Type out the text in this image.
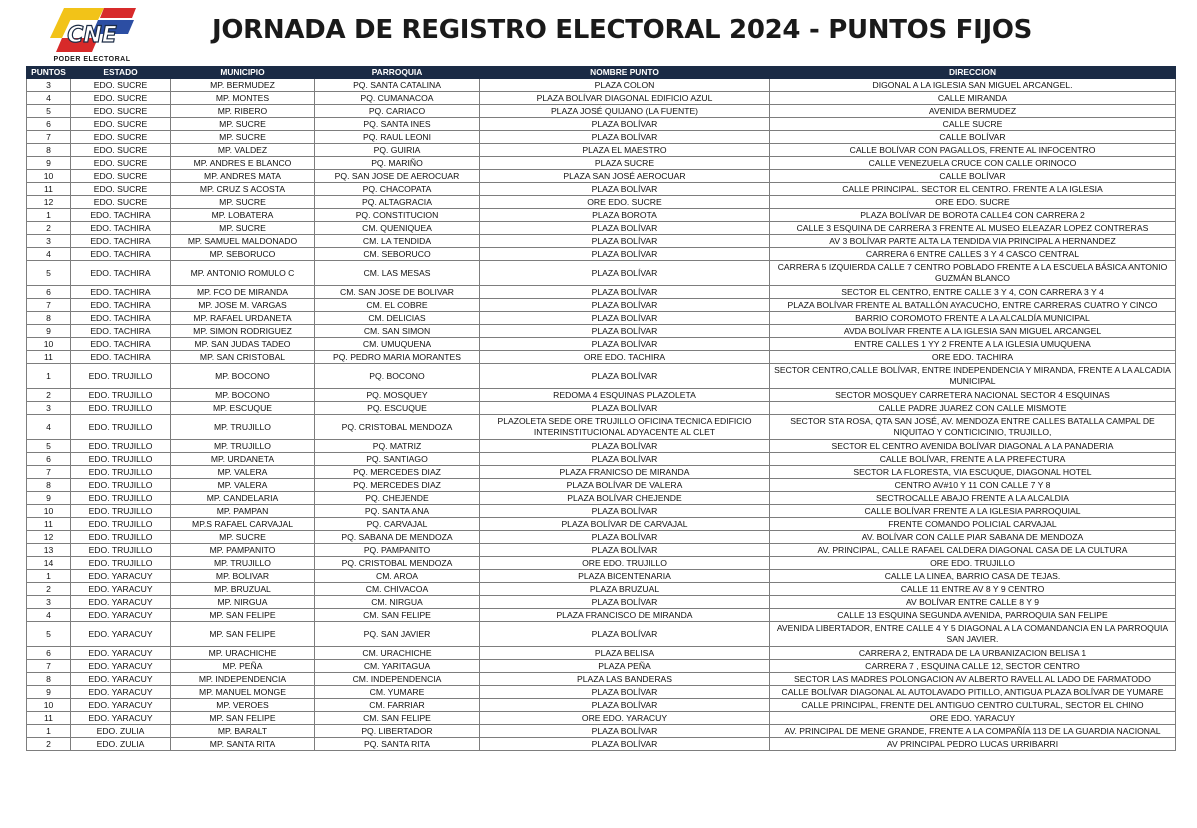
CNE
PODER ELECTORAL
JORNADA DE REGISTRO ELECTORAL 2024 - PUNTOS FIJOS
PUNTOS	ESTADO	MUNICIPIO	PARROQUIA	NOMBRE PUNTO	DIRECCION
3	EDO. SUCRE	MP. BERMUDEZ	PQ. SANTA CATALINA	PLAZA COLON	DIGONAL A LA IGLESIA SAN MIGUEL ARCANGEL.
4	EDO. SUCRE	MP. MONTES	PQ. CUMANACOA	PLAZA BOLÍVAR DIAGONAL EDIFICIO AZUL	CALLE MIRANDA
5	EDO. SUCRE	MP. RIBERO	PQ. CARIACO	PLAZA JOSÉ QUIJANO (LA FUENTE)	AVENIDA BERMUDEZ
6	EDO. SUCRE	MP. SUCRE	PQ. SANTA INES	PLAZA BOLÍVAR	CALLE SUCRE
7	EDO. SUCRE	MP. SUCRE	PQ. RAUL LEONI	PLAZA BOLÍVAR	CALLE BOLÍVAR
8	EDO. SUCRE	MP. VALDEZ	PQ. GUIRIA	PLAZA EL MAESTRO	CALLE BOLÍVAR CON PAGALLOS, FRENTE AL INFOCENTRO
9	EDO. SUCRE	MP. ANDRES E BLANCO	PQ. MARIÑO	PLAZA SUCRE	CALLE VENEZUELA CRUCE CON CALLE ORINOCO
10	EDO. SUCRE	MP. ANDRES MATA	PQ. SAN JOSE DE AEROCUAR	PLAZA SAN JOSÉ AEROCUAR	CALLE BOLÍVAR
11	EDO. SUCRE	MP. CRUZ S ACOSTA	PQ. CHACOPATA	PLAZA BOLÍVAR	CALLE PRINCIPAL. SECTOR EL CENTRO. FRENTE A LA IGLESIA
12	EDO. SUCRE	MP. SUCRE	PQ. ALTAGRACIA	ORE EDO. SUCRE	ORE EDO. SUCRE
1	EDO. TACHIRA	MP. LOBATERA	PQ. CONSTITUCION	PLAZA BOROTA	PLAZA BOLÍVAR DE BOROTA CALLE4 CON CARRERA 2
2	EDO. TACHIRA	MP. SUCRE	CM. QUENIQUEA	PLAZA BOLÍVAR	CALLE 3 ESQUINA DE CARRERA 3 FRENTE AL MUSEO ELEAZAR LOPEZ CONTRERAS
3	EDO. TACHIRA	MP. SAMUEL MALDONADO	CM. LA TENDIDA	PLAZA BOLÍVAR	AV 3 BOLÍVAR PARTE ALTA LA TENDIDA VIA PRINCIPAL A HERNANDEZ
4	EDO. TACHIRA	MP. SEBORUCO	CM. SEBORUCO	PLAZA BOLÍVAR	CARRERA 6 ENTRE CALLES 3 Y 4 CASCO CENTRAL
5	EDO. TACHIRA	MP. ANTONIO ROMULO C	CM. LAS MESAS	PLAZA BOLÍVAR	CARRERA 5 IZQUIERDA CALLE 7 CENTRO POBLADO FRENTE A LA ESCUELA BÁSICA ANTONIO GUZMÁN BLANCO
6	EDO. TACHIRA	MP. FCO DE MIRANDA	CM. SAN JOSE DE BOLIVAR	PLAZA BOLÍVAR	SECTOR EL CENTRO, ENTRE CALLE 3 Y 4, CON CARRERA 3 Y 4
7	EDO. TACHIRA	MP. JOSE M. VARGAS	CM. EL COBRE	PLAZA BOLÍVAR	PLAZA BOLÍVAR FRENTE AL BATALLÓN AYACUCHO, ENTRE CARRERAS CUATRO Y CINCO
8	EDO. TACHIRA	MP. RAFAEL URDANETA	CM. DELICIAS	PLAZA BOLÍVAR	BARRIO COROMOTO FRENTE A LA ALCALDÍA MUNICIPAL
9	EDO. TACHIRA	MP. SIMON RODRIGUEZ	CM. SAN SIMON	PLAZA BOLÍVAR	AVDA BOLÍVAR FRENTE A LA IGLESIA SAN MIGUEL ARCANGEL
10	EDO. TACHIRA	MP. SAN JUDAS TADEO	CM. UMUQUENA	PLAZA BOLÍVAR	ENTRE CALLES 1 YY 2 FRENTE A LA IGLESIA UMUQUENA
11	EDO. TACHIRA	MP. SAN CRISTOBAL	PQ. PEDRO MARIA MORANTES	ORE EDO. TACHIRA	ORE EDO. TACHIRA
1	EDO. TRUJILLO	MP. BOCONO	PQ. BOCONO	PLAZA BOLÍVAR	SECTOR CENTRO,CALLE BOLÍVAR, ENTRE INDEPENDENCIA Y MIRANDA, FRENTE A LA ALCADIA MUNICIPAL
2	EDO. TRUJILLO	MP. BOCONO	PQ. MOSQUEY	REDOMA 4 ESQUINAS PLAZOLETA	SECTOR MOSQUEY CARRETERA NACIONAL SECTOR 4 ESQUINAS
3	EDO. TRUJILLO	MP. ESCUQUE	PQ. ESCUQUE	PLAZA BOLÍVAR	CALLE PADRE JUAREZ CON CALLE MISMOTE
4	EDO. TRUJILLO	MP. TRUJILLO	PQ. CRISTOBAL MENDOZA	PLAZOLETA SEDE ORE TRUJILLO OFICINA TECNICA EDIFICIO INTERINSTITUCIONAL ADYACENTE AL CLET	SECTOR STA ROSA, QTA SAN JOSÉ, AV. MENDOZA ENTRE CALLES BATALLA CAMPAL DE NIQUITAO Y CONTICICINIO, TRUJILLO,
5	EDO. TRUJILLO	MP. TRUJILLO	PQ. MATRIZ	PLAZA BOLÍVAR	SECTOR EL CENTRO AVENIDA BOLÍVAR DIAGONAL A LA PANADERIA
6	EDO. TRUJILLO	MP. URDANETA	PQ. SANTIAGO	PLAZA BOLÍVAR	CALLE BOLÍVAR, FRENTE A LA PREFECTURA
7	EDO. TRUJILLO	MP. VALERA	PQ. MERCEDES DIAZ	PLAZA FRANICSO DE MIRANDA	SECTOR LA FLORESTA, VIA ESCUQUE, DIAGONAL HOTEL
8	EDO. TRUJILLO	MP. VALERA	PQ. MERCEDES DIAZ	PLAZA BOLÍVAR DE VALERA	CENTRO AV#10 Y 11 CON CALLE 7 Y 8
9	EDO. TRUJILLO	MP. CANDELARIA	PQ. CHEJENDE	PLAZA BOLÍVAR CHEJENDE	SECTROCALLE ABAJO FRENTE A LA ALCALDIA
10	EDO. TRUJILLO	MP. PAMPAN	PQ. SANTA ANA	PLAZA BOLÍVAR	CALLE BOLÍVAR FRENTE A LA IGLESIA PARROQUIAL
11	EDO. TRUJILLO	MP.S RAFAEL CARVAJAL	PQ. CARVAJAL	PLAZA BOLÍVAR DE CARVAJAL	FRENTE COMANDO POLICIAL CARVAJAL
12	EDO. TRUJILLO	MP. SUCRE	PQ. SABANA DE MENDOZA	PLAZA BOLÍVAR	AV. BOLÍVAR CON CALLE PIAR SABANA DE MENDOZA
13	EDO. TRUJILLO	MP. PAMPANITO	PQ. PAMPANITO	PLAZA BOLÍVAR	AV. PRINCIPAL, CALLE RAFAEL CALDERA DIAGONAL CASA DE LA CULTURA
14	EDO. TRUJILLO	MP. TRUJILLO	PQ. CRISTOBAL MENDOZA	ORE EDO. TRUJILLO	ORE EDO. TRUJILLO
1	EDO. YARACUY	MP. BOLIVAR	CM. AROA	PLAZA BICENTENARIA	CALLE LA LINEA, BARRIO CASA DE TEJAS.
2	EDO. YARACUY	MP. BRUZUAL	CM. CHIVACOA	PLAZA BRUZUAL	CALLE 11 ENTRE AV 8 Y 9 CENTRO
3	EDO. YARACUY	MP. NIRGUA	CM. NIRGUA	PLAZA BOLÍVAR	AV BOLÍVAR ENTRE CALLE 8 Y 9
4	EDO. YARACUY	MP. SAN FELIPE	CM. SAN FELIPE	PLAZA FRANCISCO DE MIRANDA	CALLE 13 ESQUINA SEGUNDA AVENIDA, PARROQUIA SAN FELIPE
5	EDO. YARACUY	MP. SAN FELIPE	PQ. SAN JAVIER	PLAZA BOLÍVAR	AVENIDA LIBERTADOR, ENTRE CALLE 4 Y 5 DIAGONAL A LA COMANDANCIA EN LA PARROQUIA SAN JAVIER.
6	EDO. YARACUY	MP. URACHICHE	CM. URACHICHE	PLAZA BELISA	CARRERA 2, ENTRADA DE LA URBANIZACION BELISA 1
7	EDO. YARACUY	MP. PEÑA	CM. YARITAGUA	PLAZA PEÑA	CARRERA 7 , ESQUINA CALLE 12, SECTOR CENTRO
8	EDO. YARACUY	MP. INDEPENDENCIA	CM. INDEPENDENCIA	PLAZA LAS BANDERAS	SECTOR LAS MADRES POLONGACION AV ALBERTO RAVELL AL LADO DE FARMATODO
9	EDO. YARACUY	MP. MANUEL MONGE	CM. YUMARE	PLAZA BOLÍVAR	CALLE BOLÍVAR DIAGONAL AL AUTOLAVADO PITILLO, ANTIGUA PLAZA BOLÍVAR DE YUMARE
10	EDO. YARACUY	MP. VEROES	CM. FARRIAR	PLAZA BOLÍVAR	CALLE PRINCIPAL, FRENTE DEL ANTIGUO CENTRO CULTURAL, SECTOR EL CHINO
11	EDO. YARACUY	MP. SAN FELIPE	CM. SAN FELIPE	ORE EDO. YARACUY	ORE EDO. YARACUY
1	EDO. ZULIA	MP. BARALT	PQ. LIBERTADOR	PLAZA BOLÍVAR	AV. PRINCIPAL DE MENE GRANDE, FRENTE A LA COMPAÑÍA 113 DE LA GUARDIA NACIONAL
2	EDO. ZULIA	MP. SANTA RITA	PQ. SANTA RITA	PLAZA BOLÍVAR	AV PRINCIPAL PEDRO LUCAS URRIBARRI
